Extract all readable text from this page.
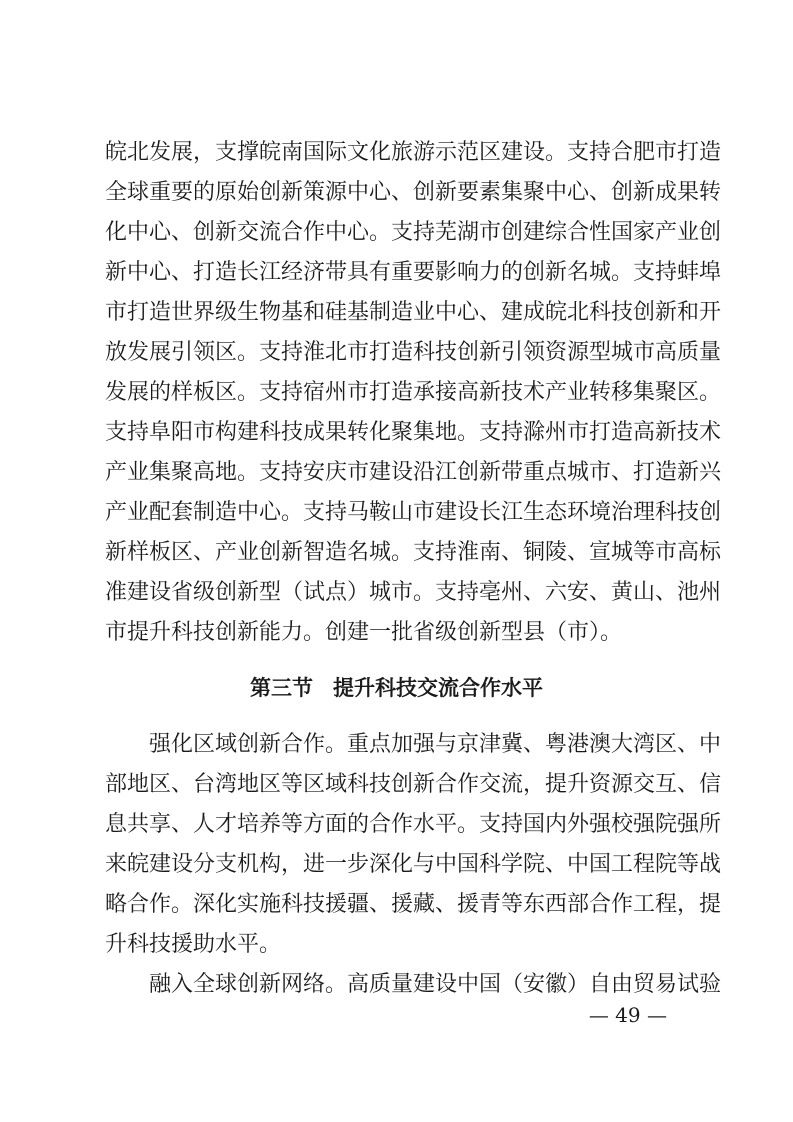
皖北发展，支撑皖南国际文化旅游示范区建设。支持合肥市打造
全球重要的原始创新策源中心、创新要素集聚中心、创新成果转
化中心、创新交流合作中心。支持芜湖市创建综合性国家产业创
新中心、打造长江经济带具有重要影响力的创新名城。支持蚌埠
市打造世界级生物基和硅基制造业中心、建成皖北科技创新和开
放发展引领区。支持淮北市打造科技创新引领资源型城市高质量
发展的样板区。支持宿州市打造承接高新技术产业转移集聚区。
支持阜阳市构建科技成果转化聚集地。支持滁州市打造高新技术
产业集聚高地。支持安庆市建设沿江创新带重点城市、打造新兴
产业配套制造中心。支持马鞍山市建设长江生态环境治理科技创
新样板区、产业创新智造名城。支持淮南、铜陵、宣城等市高标
准建设省级创新型（试点）城市。支持亳州、六安、黄山、池州
市提升科技创新能力。创建一批省级创新型县（市）。
第三节 提升科技交流合作水平
　　强化区域创新合作。重点加强与京津冀、粤港澳大湾区、中
部地区、台湾地区等区域科技创新合作交流，提升资源交互、信
息共享、人才培养等方面的合作水平。支持国内外强校强院强所
来皖建设分支机构，进一步深化与中国科学院、中国工程院等战
略合作。深化实施科技援疆、援藏、援青等东西部合作工程，提
升科技援助水平。
　　融入全球创新网络。高质量建设中国（安徽）自由贸易试验
— 49 —
